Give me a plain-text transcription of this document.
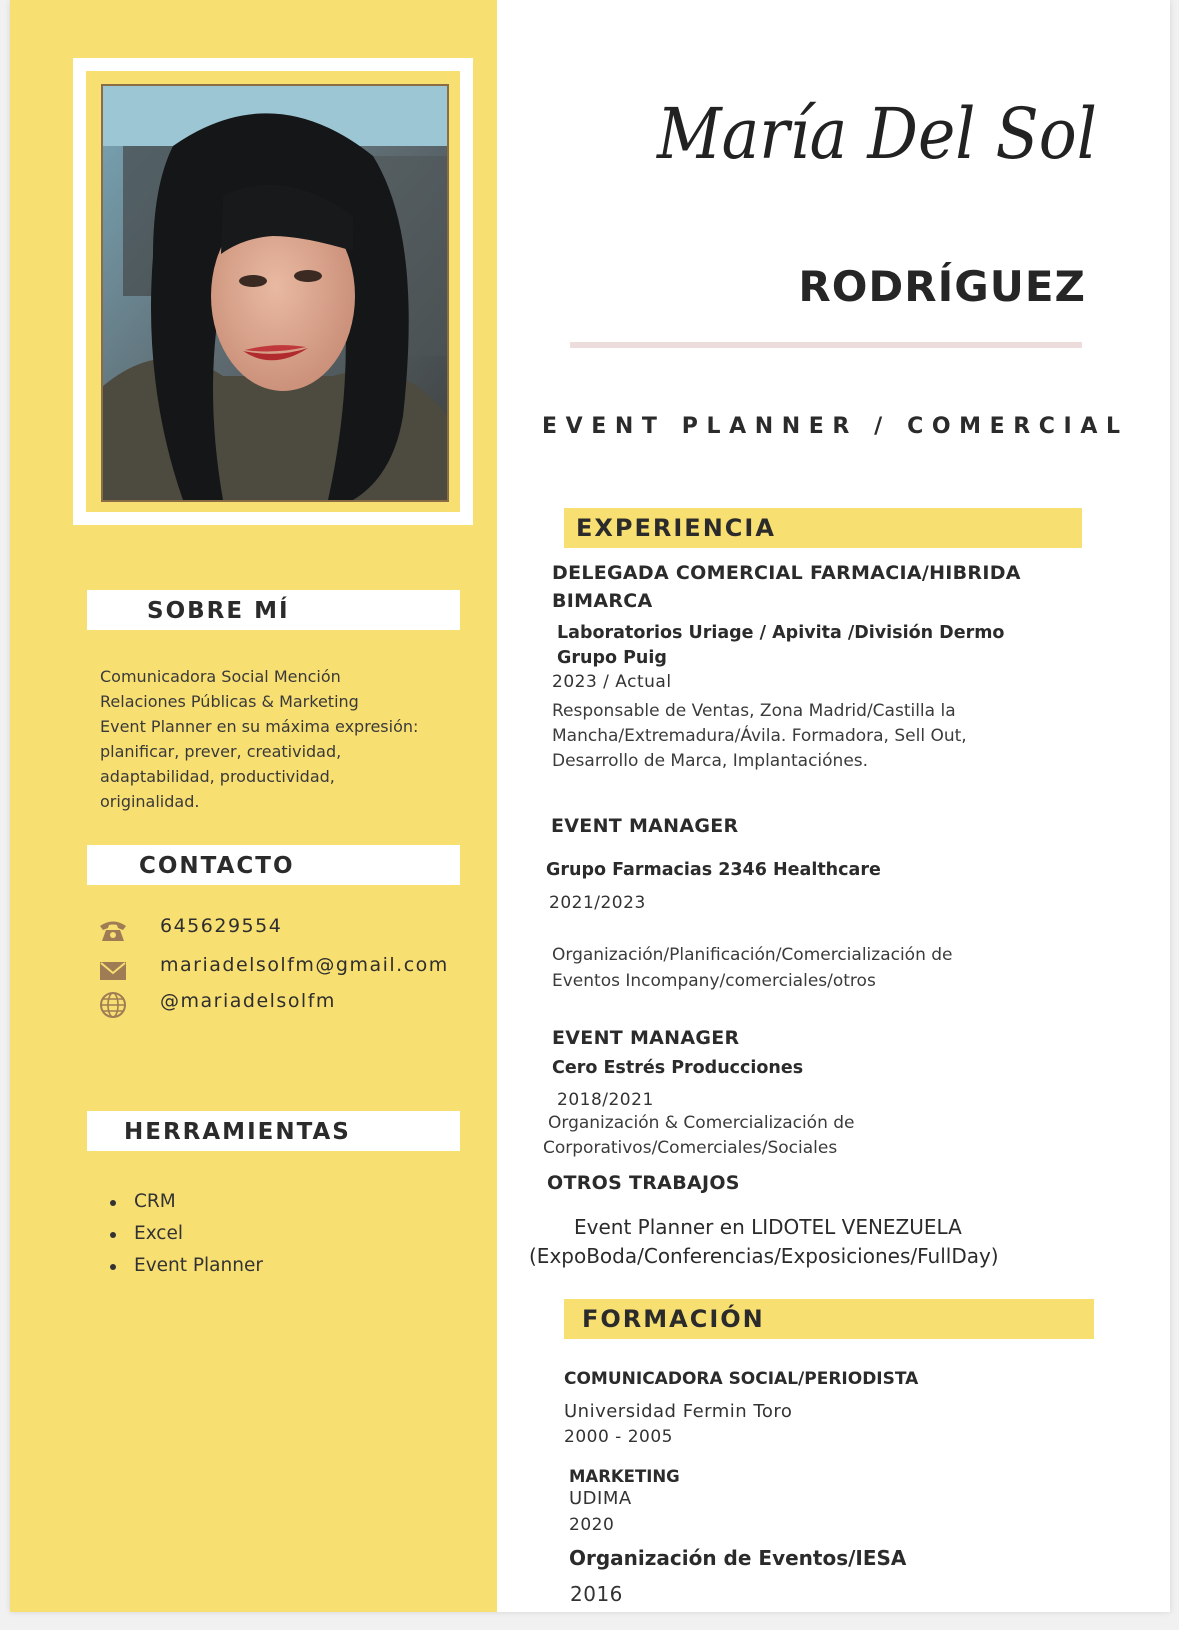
SOBRE MÍ
Comunicadora Social Mención
Relaciones Públicas & Marketing
Event Planner en su máxima expresión:
planificar, prever, creatividad,
adaptabilidad, productividad,
originalidad.
CONTACTO
645629554
mariadelsolfm@gmail.com
@mariadelsolfm
HERRAMIENTAS
CRM
Excel
Event Planner
María Del Sol
RODRÍGUEZ
EVENT PLANNER / COMERCIAL
EXPERIENCIA
DELEGADA COMERCIAL FARMACIA/HIBRIDA
BIMARCA
Laboratorios Uriage / Apivita /División Dermo
Grupo Puig
2023 / Actual
Responsable de Ventas, Zona Madrid/Castilla la
Mancha/Extremadura/Ávila. Formadora, Sell Out,
Desarrollo de Marca, Implantaciónes.
EVENT MANAGER
Grupo Farmacias 2346 Healthcare
2021/2023
Organización/Planificación/Comercialización de
Eventos Incompany/comerciales/otros
EVENT MANAGER
Cero Estrés Producciones
2018/2021
Organización & Comercialización de
Corporativos/Comerciales/Sociales
OTROS TRABAJOS
Event Planner en LIDOTEL VENEZUELA
(ExpoBoda/Conferencias/Exposiciones/FullDay)
FORMACIÓN
COMUNICADORA SOCIAL/PERIODISTA
Universidad Fermin Toro
2000 - 2005
MARKETING
UDIMA
2020
Organización de Eventos/IESA
2016
